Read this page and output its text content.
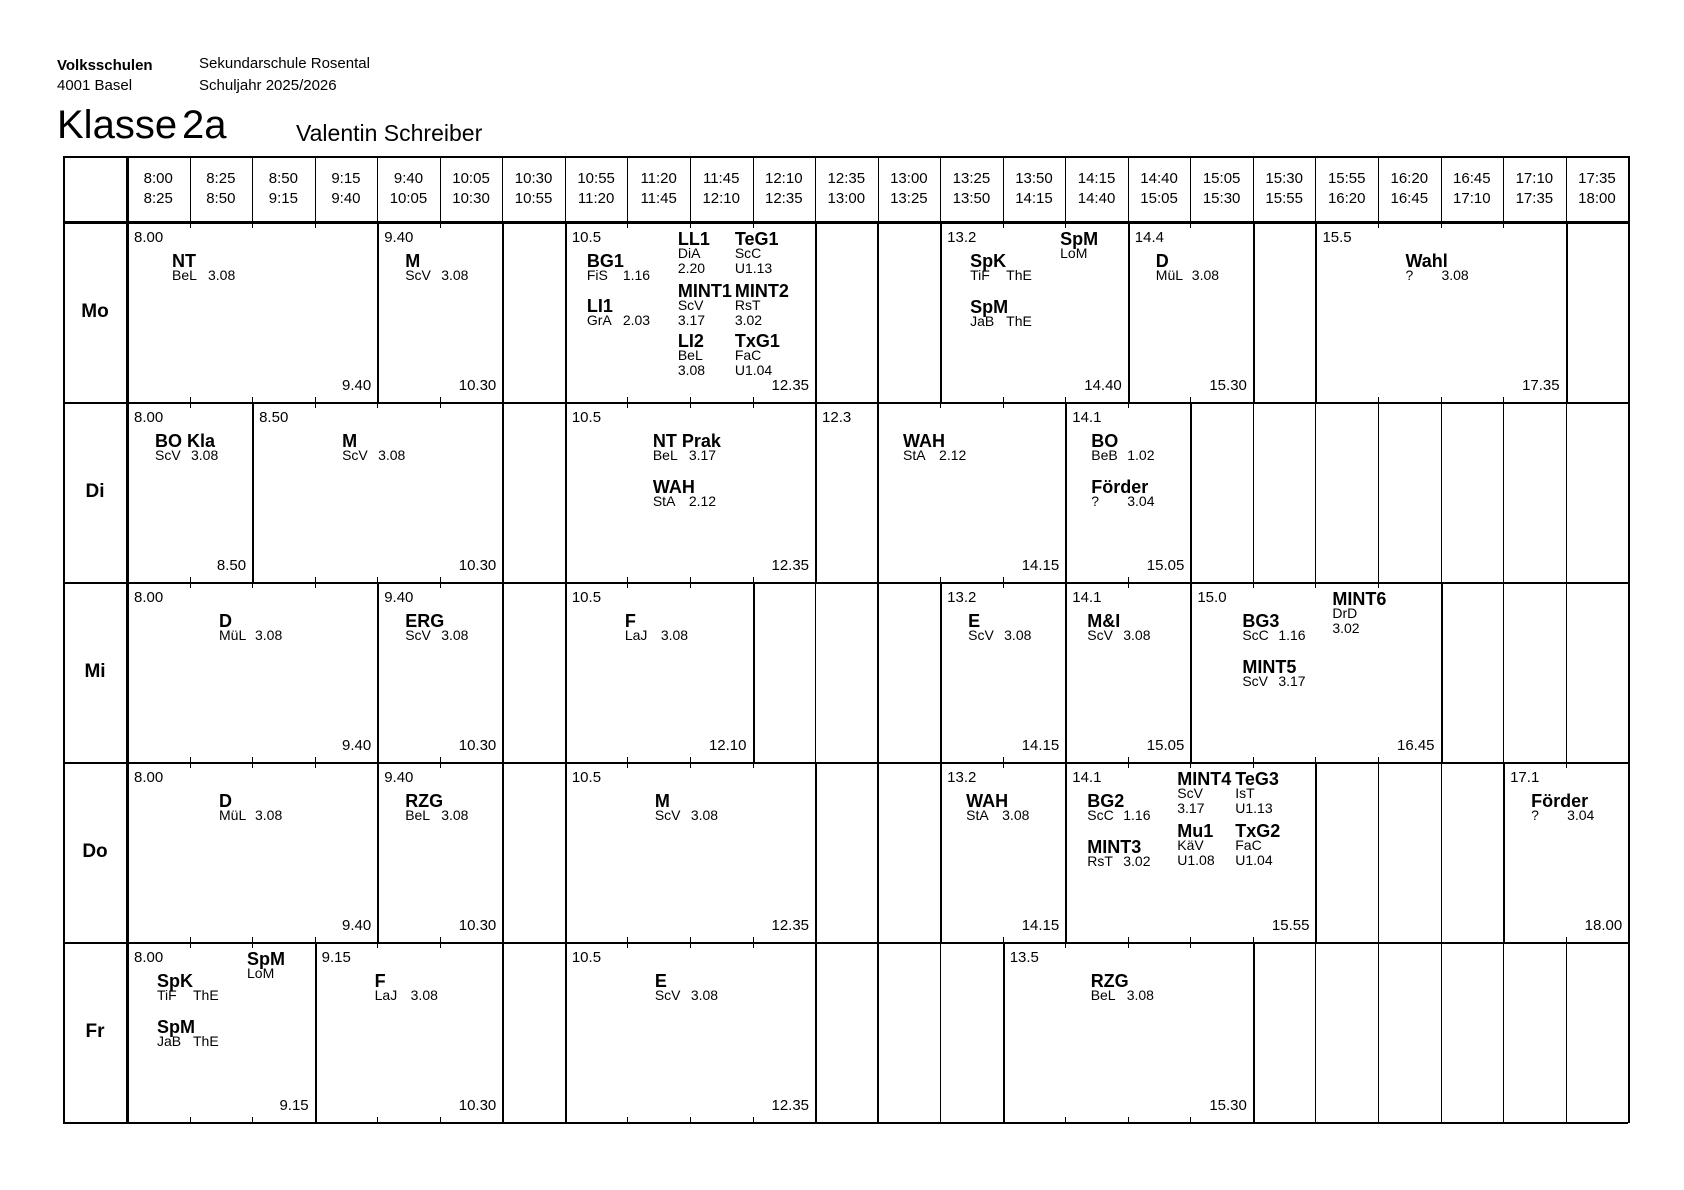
Volksschulen
4001 Basel
Sekundarschule Rosental
Schuljahr 2025/2026
Klasse 2a	Valentin Schreiber
8:00
8:25
8:25
8:50
8:50
9:15
9:15
9:40
9:40
10:05
10:05
10:30
10:30
10:55
10:55
11:20
11:20
11:45
11:45
12:10
12:10
12:35
12:35
13:00
13:00
13:25
13:25
13:50
13:50
14:15
14:15
14:40
14:40
15:05
15:05
15:30
15:30
15:55
15:55
16:20
16:20
16:45
16:45
17:10
17:10
17:35
17:35
18:00
Mo
Di
Mi
Do
Fr
8.00
9.40
NT
BeL 3.08
9.40
10.30
M
ScV 3.08
10.5
12.35
BG1
FiS 1.16
LI1
GrA 2.03
LL1
DiA
2.20
TeG1
ScC
U1.13
MINT1
ScV
3.17
MINT2
RsT
3.02
LI2
BeL
3.08
TxG1
FaC
U1.04
13.2
14.40
SpK
TiF ThE
SpM
JaB ThE
SpM
LoM
14.4
15.30
D
MüL 3.08
15.5
17.35
Wahl
? 3.08
8.00
8.50
BO Kla
ScV 3.08
8.50
10.30
M
ScV 3.08
10.5
12.35
NT Prak
BeL 3.17
WAH
StA 2.12
12.3
14.15
WAH
StA 2.12
14.1
15.05
BO
BeB 1.02
Förder
? 3.04
8.00
9.40
D
MüL 3.08
9.40
10.30
ERG
ScV 3.08
10.5
12.10
F
LaJ 3.08
13.2
14.15
E
ScV 3.08
14.1
15.05
M&I
ScV 3.08
15.0
16.45
BG3
ScC 1.16
MINT5
ScV 3.17
MINT6
DrD
3.02
8.00
9.40
D
MüL 3.08
9.40
10.30
RZG
BeL 3.08
10.5
12.35
M
ScV 3.08
13.2
14.15
WAH
StA 3.08
14.1
15.55
BG2
ScC 1.16
MINT3
RsT 3.02
MINT4
ScV
3.17
TeG3
IsT
U1.13
Mu1
KäV
U1.08
TxG2
FaC
U1.04
17.1
18.00
Förder
? 3.04
8.00
9.15
SpK
TiF ThE
SpM
JaB ThE
SpM
LoM
9.15
10.30
F
LaJ 3.08
10.5
12.35
E
ScV 3.08
13.5
15.30
RZG
BeL 3.08
